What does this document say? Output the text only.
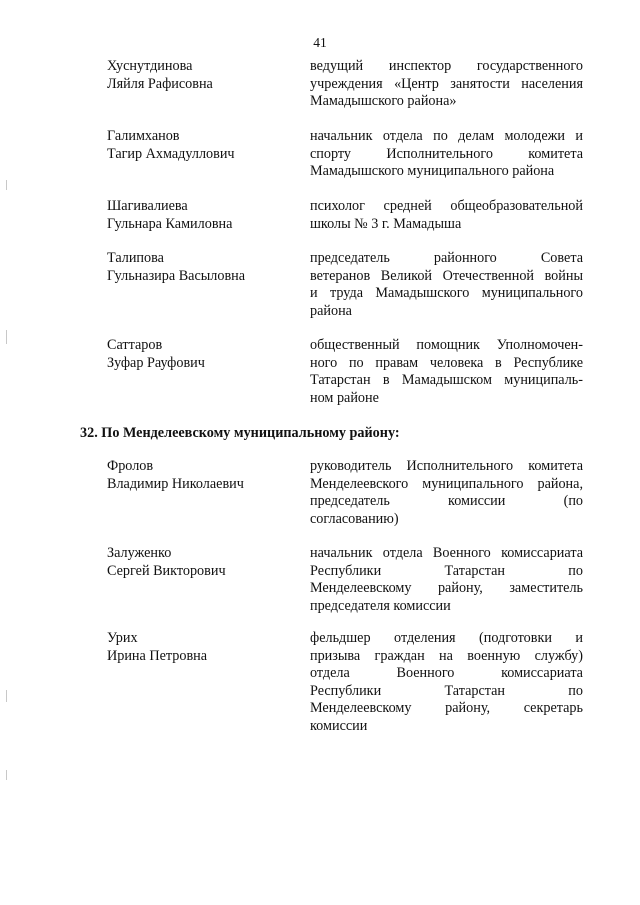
41
Хуснутдинова
Ляйля Рафисовна
ведущий инспектор государственного
учреждения «Центр занятости населения
Мамадышского района»
Галимханов
Тагир Ахмадуллович
начальник отдела по делам молодежи и
спорту Исполнительного комитета
Мамадышского муниципального района
Шагивалиева
Гульнара Камиловна
психолог средней общеобразовательной
школы № 3 г. Мамадыша
Талипова
Гульназира Васыловна
председатель районного Совета
ветеранов Великой Отечественной войны
и труда Мамадышского муниципального
района
Саттаров
Зуфар Рауфович
общественный помощник Уполномочен-
ного по правам человека в Республике
Татарстан в Мамадышском муниципаль-
ном районе
32. По Менделеевскому муниципальному району:
Фролов
Владимир Николаевич
руководитель Исполнительного комитета
Менделеевского муниципального района,
председатель комиссии (по
согласованию)
Залуженко
Сергей Викторович
начальник отдела Военного комиссариата
Республики Татарстан по
Менделеевскому району, заместитель
председателя комиссии
Урих
Ирина Петровна
фельдшер отделения (подготовки и
призыва граждан на военную службу)
отдела Военного комиссариата
Республики Татарстан по
Менделеевскому району, секретарь
комиссии
